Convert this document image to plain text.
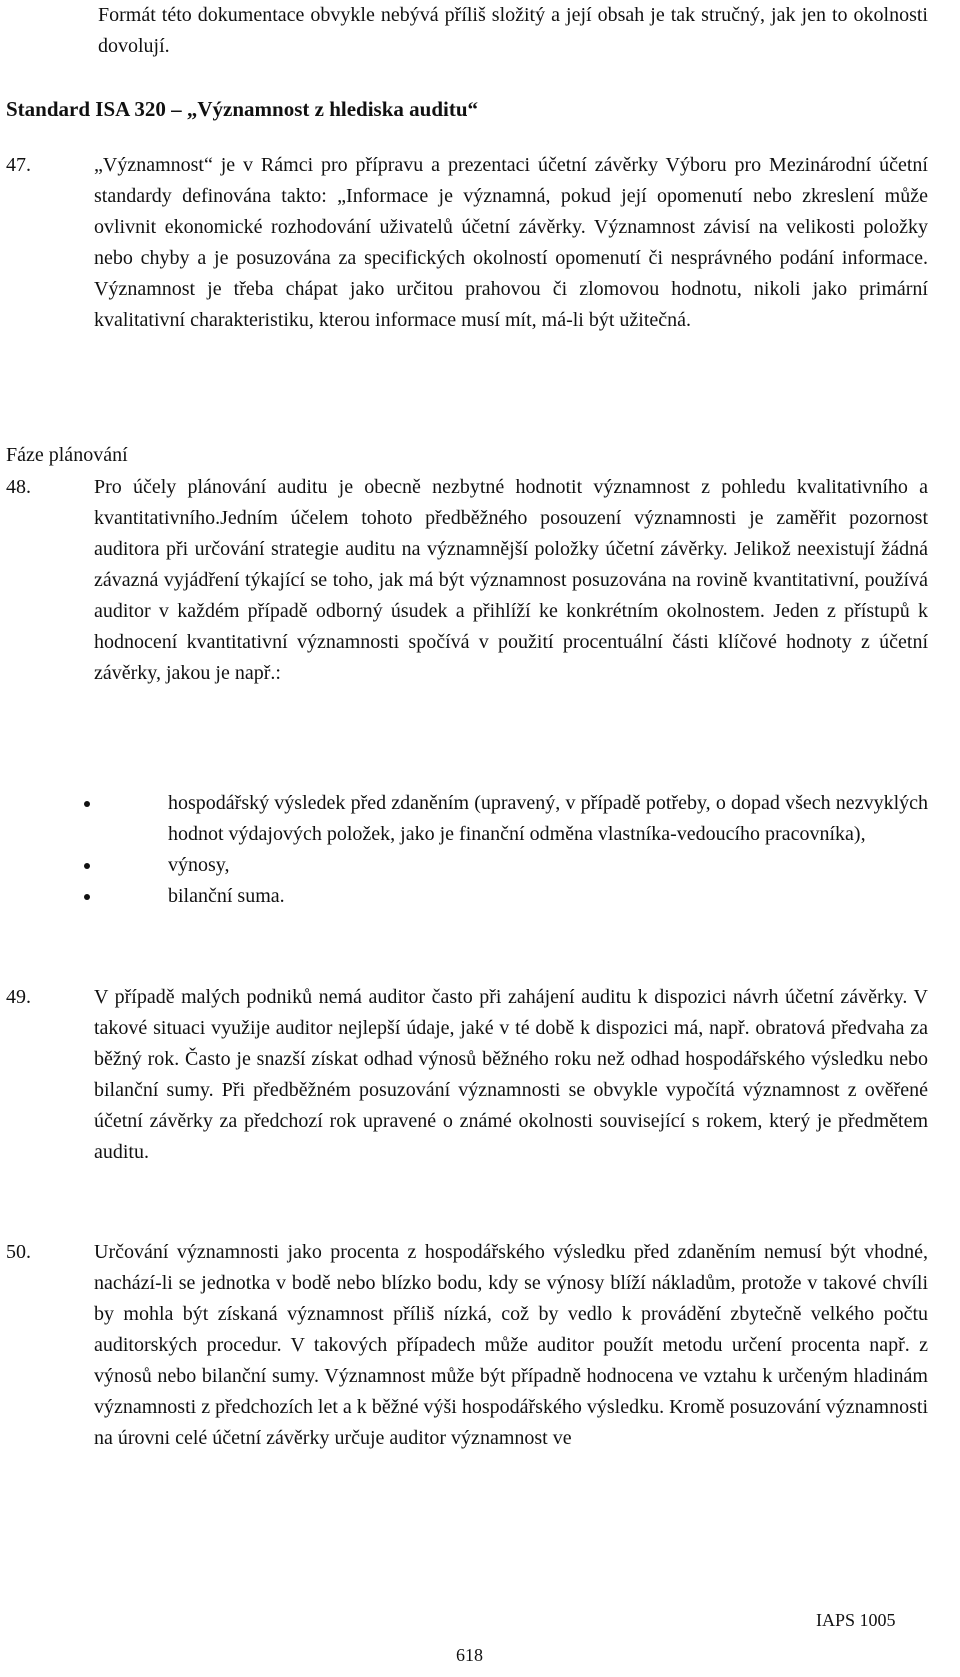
Formát této dokumentace obvykle nebývá příliš složitý a její obsah je tak stručný, jak jen to okolnosti dovolují.
Standard ISA 320 – „Významnost z hlediska auditu“
47.	„Významnost“ je v Rámci pro přípravu a prezentaci účetní závěrky Výboru pro Mezinárodní účetní standardy definována takto: „Informace je významná, pokud její opomenutí nebo zkreslení může ovlivnit ekonomické rozhodování uživatelů účetní závěrky. Významnost závisí na velikosti položky nebo chyby a je posuzována za specifických okolností opomenutí či nesprávného podání informace. Významnost je třeba chápat jako určitou prahovou či zlomovou hodnotu, nikoli jako primární kvalitativní charakteristiku, kterou informace musí mít, má-li být užitečná.
Fáze plánování
48.	Pro účely plánování auditu je obecně nezbytné hodnotit významnost z pohledu kvalitativního a kvantitativního.Jedním účelem tohoto předběžného posouzení významnosti je zaměřit pozornost auditora při určování strategie auditu na významnější položky účetní závěrky. Jelikož neexistují žádná závazná vyjádření týkající se toho, jak má být významnost posuzována na rovině kvantitativní, používá auditor v každém případě odborný úsudek a přihlíží ke konkrétním okolnostem. Jeden z přístupů k hodnocení kvantitativní významnosti spočívá v použití procentuální části klíčové hodnoty z účetní závěrky, jakou je např.:
hospodářský výsledek před zdaněním (upravený, v případě potřeby, o dopad všech nezvyklých hodnot výdajových položek, jako je finanční odměna vlastníka-vedoucího pracovníka),
výnosy,
bilanční suma.
49.	V případě malých podniků nemá auditor často při zahájení auditu k dispozici návrh účetní závěrky. V takové situaci využije auditor nejlepší údaje, jaké v té době k dispozici má, např. obratová předvaha za běžný rok. Často je snazší získat odhad výnosů běžného roku než odhad hospodářského výsledku nebo bilanční sumy. Při předběžném posuzování významnosti se obvykle vypočítá významnost z ověřené účetní závěrky za předchozí rok upravené o známé okolnosti související s rokem, který je předmětem auditu.
50.	Určování významnosti jako procenta z hospodářského výsledku před zdaněním nemusí být vhodné, nachází-li se jednotka v bodě nebo blízko bodu, kdy se výnosy blíží nákladům, protože v takové chvíli by mohla být získaná významnost příliš nízká, což by vedlo k provádění zbytečně velkého počtu auditorských procedur. V takových případech může auditor použít metodu určení procenta např. z výnosů nebo bilanční sumy. Významnost může být případně hodnocena ve vztahu k určeným hladinám významnosti z předchozích let a k běžné výši hospodářského výsledku. Kromě posuzování významnosti na úrovni celé účetní závěrky určuje auditor významnost ve
IAPS 1005
618
